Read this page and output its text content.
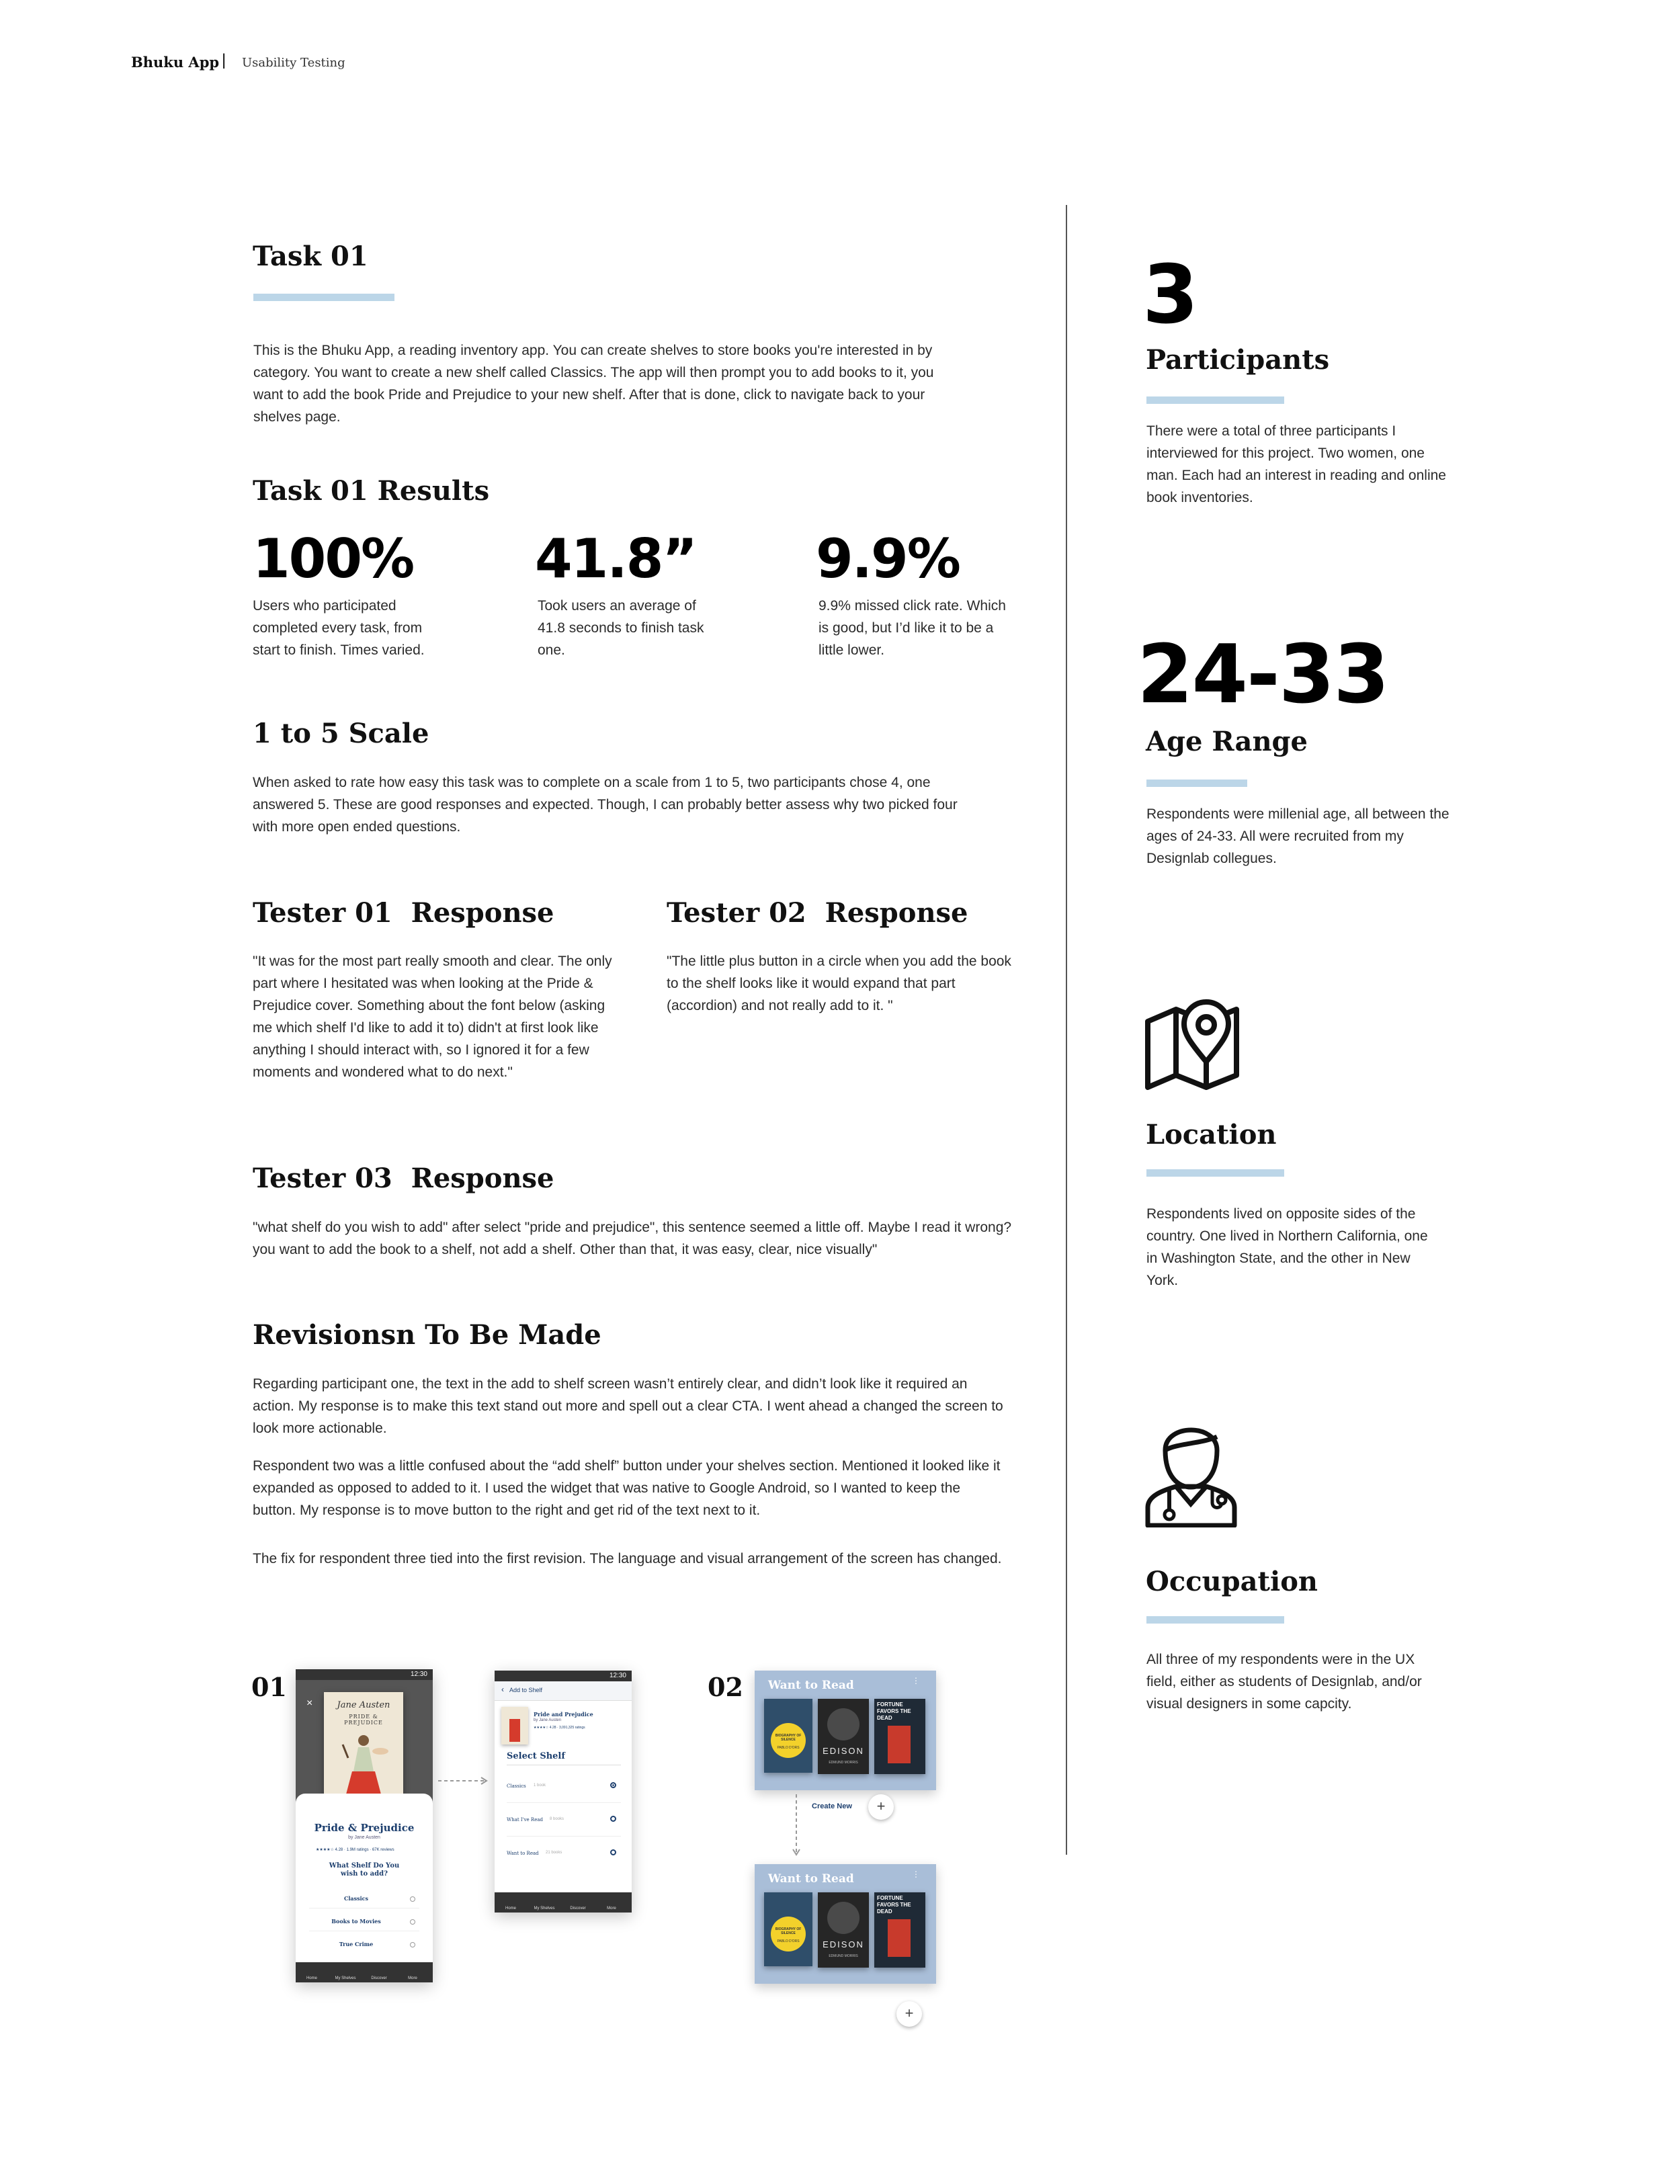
Bhuku App | Usability Testing
Task 01
This is the Bhuku App, a reading inventory app. You can create shelves to store books you're interested in by category. You want to create a new shelf called Classics. The app will then prompt you to add books to it, you want to add the book Pride and Prejudice to your new shelf. After that is done, click to navigate back to your shelves page.
Task 01 Results
100%
Users who participated completed every task, from start to finish. Times varied.
41.8”
Took users an average of 41.8 seconds to finish task one.
9.9%
9.9% missed click rate. Which is good, but I’d like it to be a little lower.
1 to 5 Scale
When asked to rate how easy this task was to complete on a scale from 1 to 5, two participants chose 4, one answered 5. These are good responses and expected. Though, I can probably better assess why two picked four with more open ended questions.
Tester 01  Response
"It was for the most part really smooth and clear. The only part where I hesitated was when looking at the Pride & Prejudice cover. Something about the font below (asking me which shelf I'd like to add it to) didn't at first look like anything I should interact with, so I ignored it for a few moments and wondered what to do next."
Tester 02  Response
"The little plus button in a circle when you add the book to the shelf looks like it would expand that part (accordion) and not really add to it. "
Tester 03  Response
"what shelf do you wish to add" after select "pride and prejudice", this sentence seemed a little off. Maybe I read it wrong? you want to add the book to a shelf, not add a shelf. Other than that, it was easy, clear, nice visually"
Revisionsn To Be Made
Regarding participant one, the text in the add to shelf screen wasn’t entirely clear, and didn’t look like it required an action. My response is to make this text stand out more and spell out a clear CTA. I went ahead a changed the screen to look more actionable.
Respondent two was a little confused about the “add shelf” button under your shelves section. Mentioned it looked like it expanded as opposed to added to it. I used the widget that was native to Google Android, so I wanted to keep the button. My response is to move button to the right and get rid of the text next to it.
The fix for respondent three tied into the first revision. The language and visual arrangement of the screen has changed.
3
Participants
There were a total of three participants I interviewed for this project. Two women, one man. Each had an interest in reading and online book inventories.
24-33
Age Range
Respondents were millenial age, all between the ages of 24-33. All were recruited from my Designlab collegues.
Location
Respondents lived on opposite sides of the country. One lived in Northern California, one in Washington State, and the other in New York.
Occupation
All three of my respondents were in the UX field, either as students of Designlab, and/or visual designers in some capcity.
01	02
12:30
×	Jane Austen
PRIDE & PREJUDICE
Pride & Prejudice
by Jane Austen
★★★★☆ 4.28 · 1.9M ratings · 67K reviews
What Shelf Do You wish to add?
Classics
Books to Movies
True Crime
Home	My Shelves	Discover	More
12:30
‹ Add to Shelf
Pride and Prejudice
by Jane Austen
★★★★☆ 4.28 · 3,091,325 ratings
Select Shelf
Classics 1 book
What I've Read 8 books
Want to Read 21 books
Home	My Shelves	Discover	More
Want to Read	⋮
BIOGRAPHY OF SILENCE
PABLO D'ORS	EDISON
EDMUND MORRIS
FORTUNE FAVORS THE DEAD
Create New	+
Want to Read	⋮
BIOGRAPHY OF SILENCE
PABLO D'ORS	EDISON
EDMUND MORRIS
FORTUNE FAVORS THE DEAD
+
